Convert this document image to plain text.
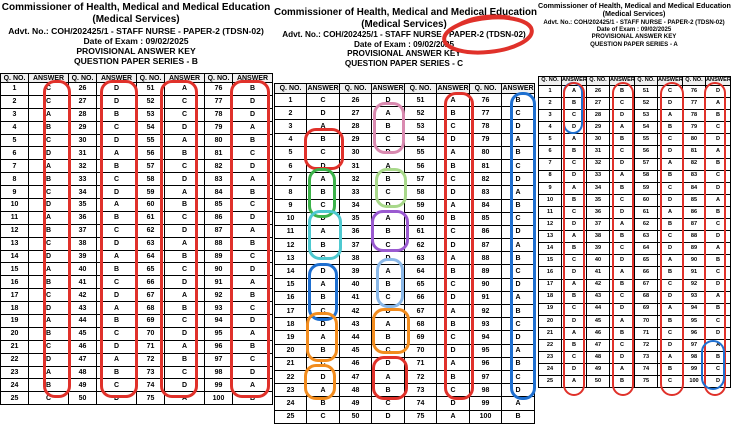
Commissioner of Health, Medical and Medical Education
(Medical Services)
Advt. No.: COH/202425/1 - STAFF NURSE - PAPER-2 (TDSN-02)
Date of Exam : 09/02/2025
PROVISIONAL ANSWER KEY
QUESTION PAPER SERIES - B
Q. NO.	ANSWER	Q. NO.	ANSWER	Q. NO.	ANSWER	Q. NO.	ANSWER
1	C	26	D	51	A	76	B
2	C	27	D	52	C	77	D
3	A	28	B	53	C	78	D
4	B	29	C	54	D	79	A
5	C	30	D	55	A	80	B
6	D	31	A	56	B	81	C
7	A	32	B	57	C	82	D
8	B	33	C	58	D	83	A
9	C	34	D	59	A	84	B
10	D	35	A	60	B	85	C
11	A	36	B	61	C	86	D
12	B	37	C	62	D	87	A
13	C	38	D	63	A	88	B
14	D	39	A	64	B	89	C
15	A	40	B	65	C	90	D
16	B	41	C	66	D	91	A
17	C	42	D	67	A	92	B
18	D	43	A	68	B	93	C
19	A	44	B	69	C	94	D
20	B	45	C	70	D	95	A
21	C	46	D	71	A	96	B
22	D	47	A	72	B	97	C
23	A	48	B	73	C	98	D
24	B	49	C	74	D	99	A
25	C	50	D	75	A	100	B
Commissioner of Health, Medical and Medical Education
(Medical Services)
Advt. No.: COH/202425/1 - STAFF NURSE - PAPER-2 (TDSN-02)
Date of Exam : 09/02/2025
PROVISIONAL ANSWER KEY
QUESTION PAPER SERIES - C
Q. NO.	ANSWER	Q. NO.	ANSWER	Q. NO.	ANSWER	Q. NO.	ANSWER
1	C	26	D	51	A	76	B
2	D	27	A	52	B	77	C
3	A	28	B	53	C	78	D
4	B	29	C	54	D	79	A
5	C	30	D	55	A	80	B
6	D	31	A	56	B	81	C
7	A	32	B	57	C	82	D
8	B	33	C	58	D	83	A
9	C	34	D	59	A	84	B
10	D	35	A	60	B	85	C
11	A	36	B	61	C	86	D
12	B	37	C	62	D	87	A
13	C	38	D	63	A	88	B
14	D	39	A	64	B	89	C
15	A	40	B	65	C	90	D
16	B	41	C	66	D	91	A
17	C	42	D	67	A	92	B
18	D	43	A	68	B	93	C
19	A	44	B	69	C	94	D
20	B	45	C	70	D	95	A
21	C	46	D	71	A	96	B
22	D	47	A	72	B	97	C
23	A	48	B	73	C	98	D
24	B	49	C	74	D	99	A
25	C	50	D	75	A	100	B
Commissioner of Health, Medical and Medical Education
(Medical Services)
Advt. No.: COH/202425/1 - STAFF NURSE - PAPER-2 (TDSN-02)
Date of Exam : 09/02/2025
PROVISIONAL ANSWER KEY
QUESTION PAPER SERIES - A
Q. NO.	ANSWER	Q. NO.	ANSWER	Q. NO.	ANSWER	Q. NO.	ANSWER
1	A	26	B	51	C	76	D
2	B	27	C	52	D	77	A
3	C	28	D	53	A	78	B
4	D	29	A	54	B	79	C
5	A	30	B	55	C	80	D
6	B	31	C	56	D	81	A
7	C	32	D	57	A	82	B
8	D	33	A	58	B	83	C
9	A	34	B	59	C	84	D
10	B	35	C	60	D	85	A
11	C	36	D	61	A	86	B
12	D	37	A	62	B	87	C
13	A	38	B	63	C	88	D
14	B	39	C	64	D	89	A
15	C	40	D	65	A	90	B
16	D	41	A	66	B	91	C
17	A	42	B	67	C	92	D
18	B	43	C	68	D	93	A
19	C	44	D	69	A	94	B
20	D	45	A	70	B	95	C
21	A	46	B	71	C	96	D
22	B	47	C	72	D	97	A
23	C	48	D	73	A	98	B
24	D	49	A	74	B	99	C
25	A	50	B	75	C	100	D
